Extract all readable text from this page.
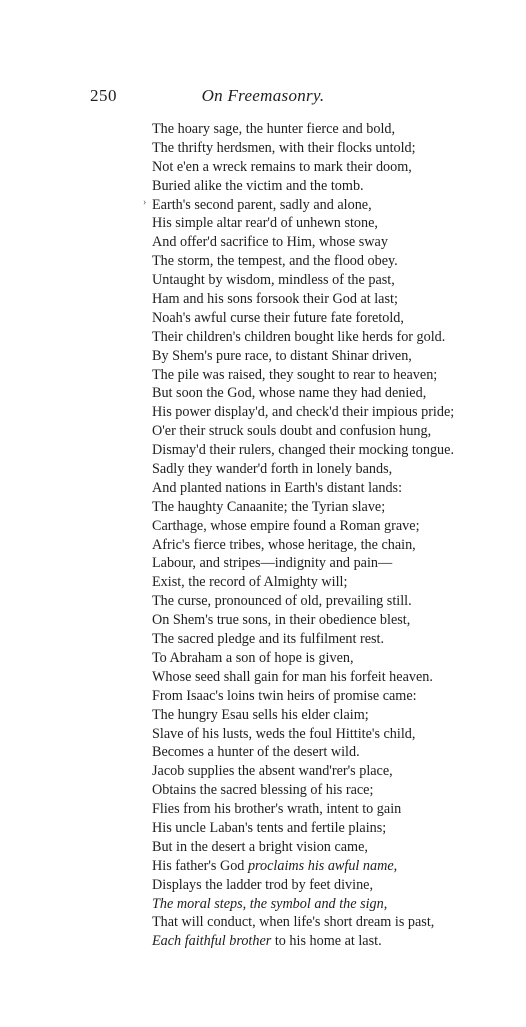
250	On Freemasonry.
›
The hoary sage, the hunter fierce and bold,
The thrifty herdsmen, with their flocks untold;
Not e'en a wreck remains to mark their doom,
Buried alike the victim and the tomb.
Earth's second parent, sadly and alone,
His simple altar rear'd of unhewn stone,
And offer'd sacrifice to Him, whose sway
The storm, the tempest, and the flood obey.
Untaught by wisdom, mindless of the past,
Ham and his sons forsook their God at last;
Noah's awful curse their future fate foretold,
Their children's children bought like herds for gold.
By Shem's pure race, to distant Shinar driven,
The pile was raised, they sought to rear to heaven;
But soon the God, whose name they had denied,
His power display'd, and check'd their impious pride;
O'er their struck souls doubt and confusion hung,
Dismay'd their rulers, changed their mocking tongue.
Sadly they wander'd forth in lonely bands,
And planted nations in Earth's distant lands:
The haughty Canaanite; the Tyrian slave;
Carthage, whose empire found a Roman grave;
Afric's fierce tribes, whose heritage, the chain,
Labour, and stripes—indignity and pain—
Exist, the record of Almighty will;
The curse, pronounced of old, prevailing still.
On Shem's true sons, in their obedience blest,
The sacred pledge and its fulfilment rest.
To Abraham a son of hope is given,
Whose seed shall gain for man his forfeit heaven.
From Isaac's loins twin heirs of promise came:
The hungry Esau sells his elder claim;
Slave of his lusts, weds the foul Hittite's child,
Becomes a hunter of the desert wild.
Jacob supplies the absent wand'rer's place,
Obtains the sacred blessing of his race;
Flies from his brother's wrath, intent to gain
His uncle Laban's tents and fertile plains;
But in the desert a bright vision came,
His father's God proclaims his awful name,
Displays the ladder trod by feet divine,
The moral steps, the symbol and the sign,
That will conduct, when life's short dream is past,
Each faithful brother to his home at last.
